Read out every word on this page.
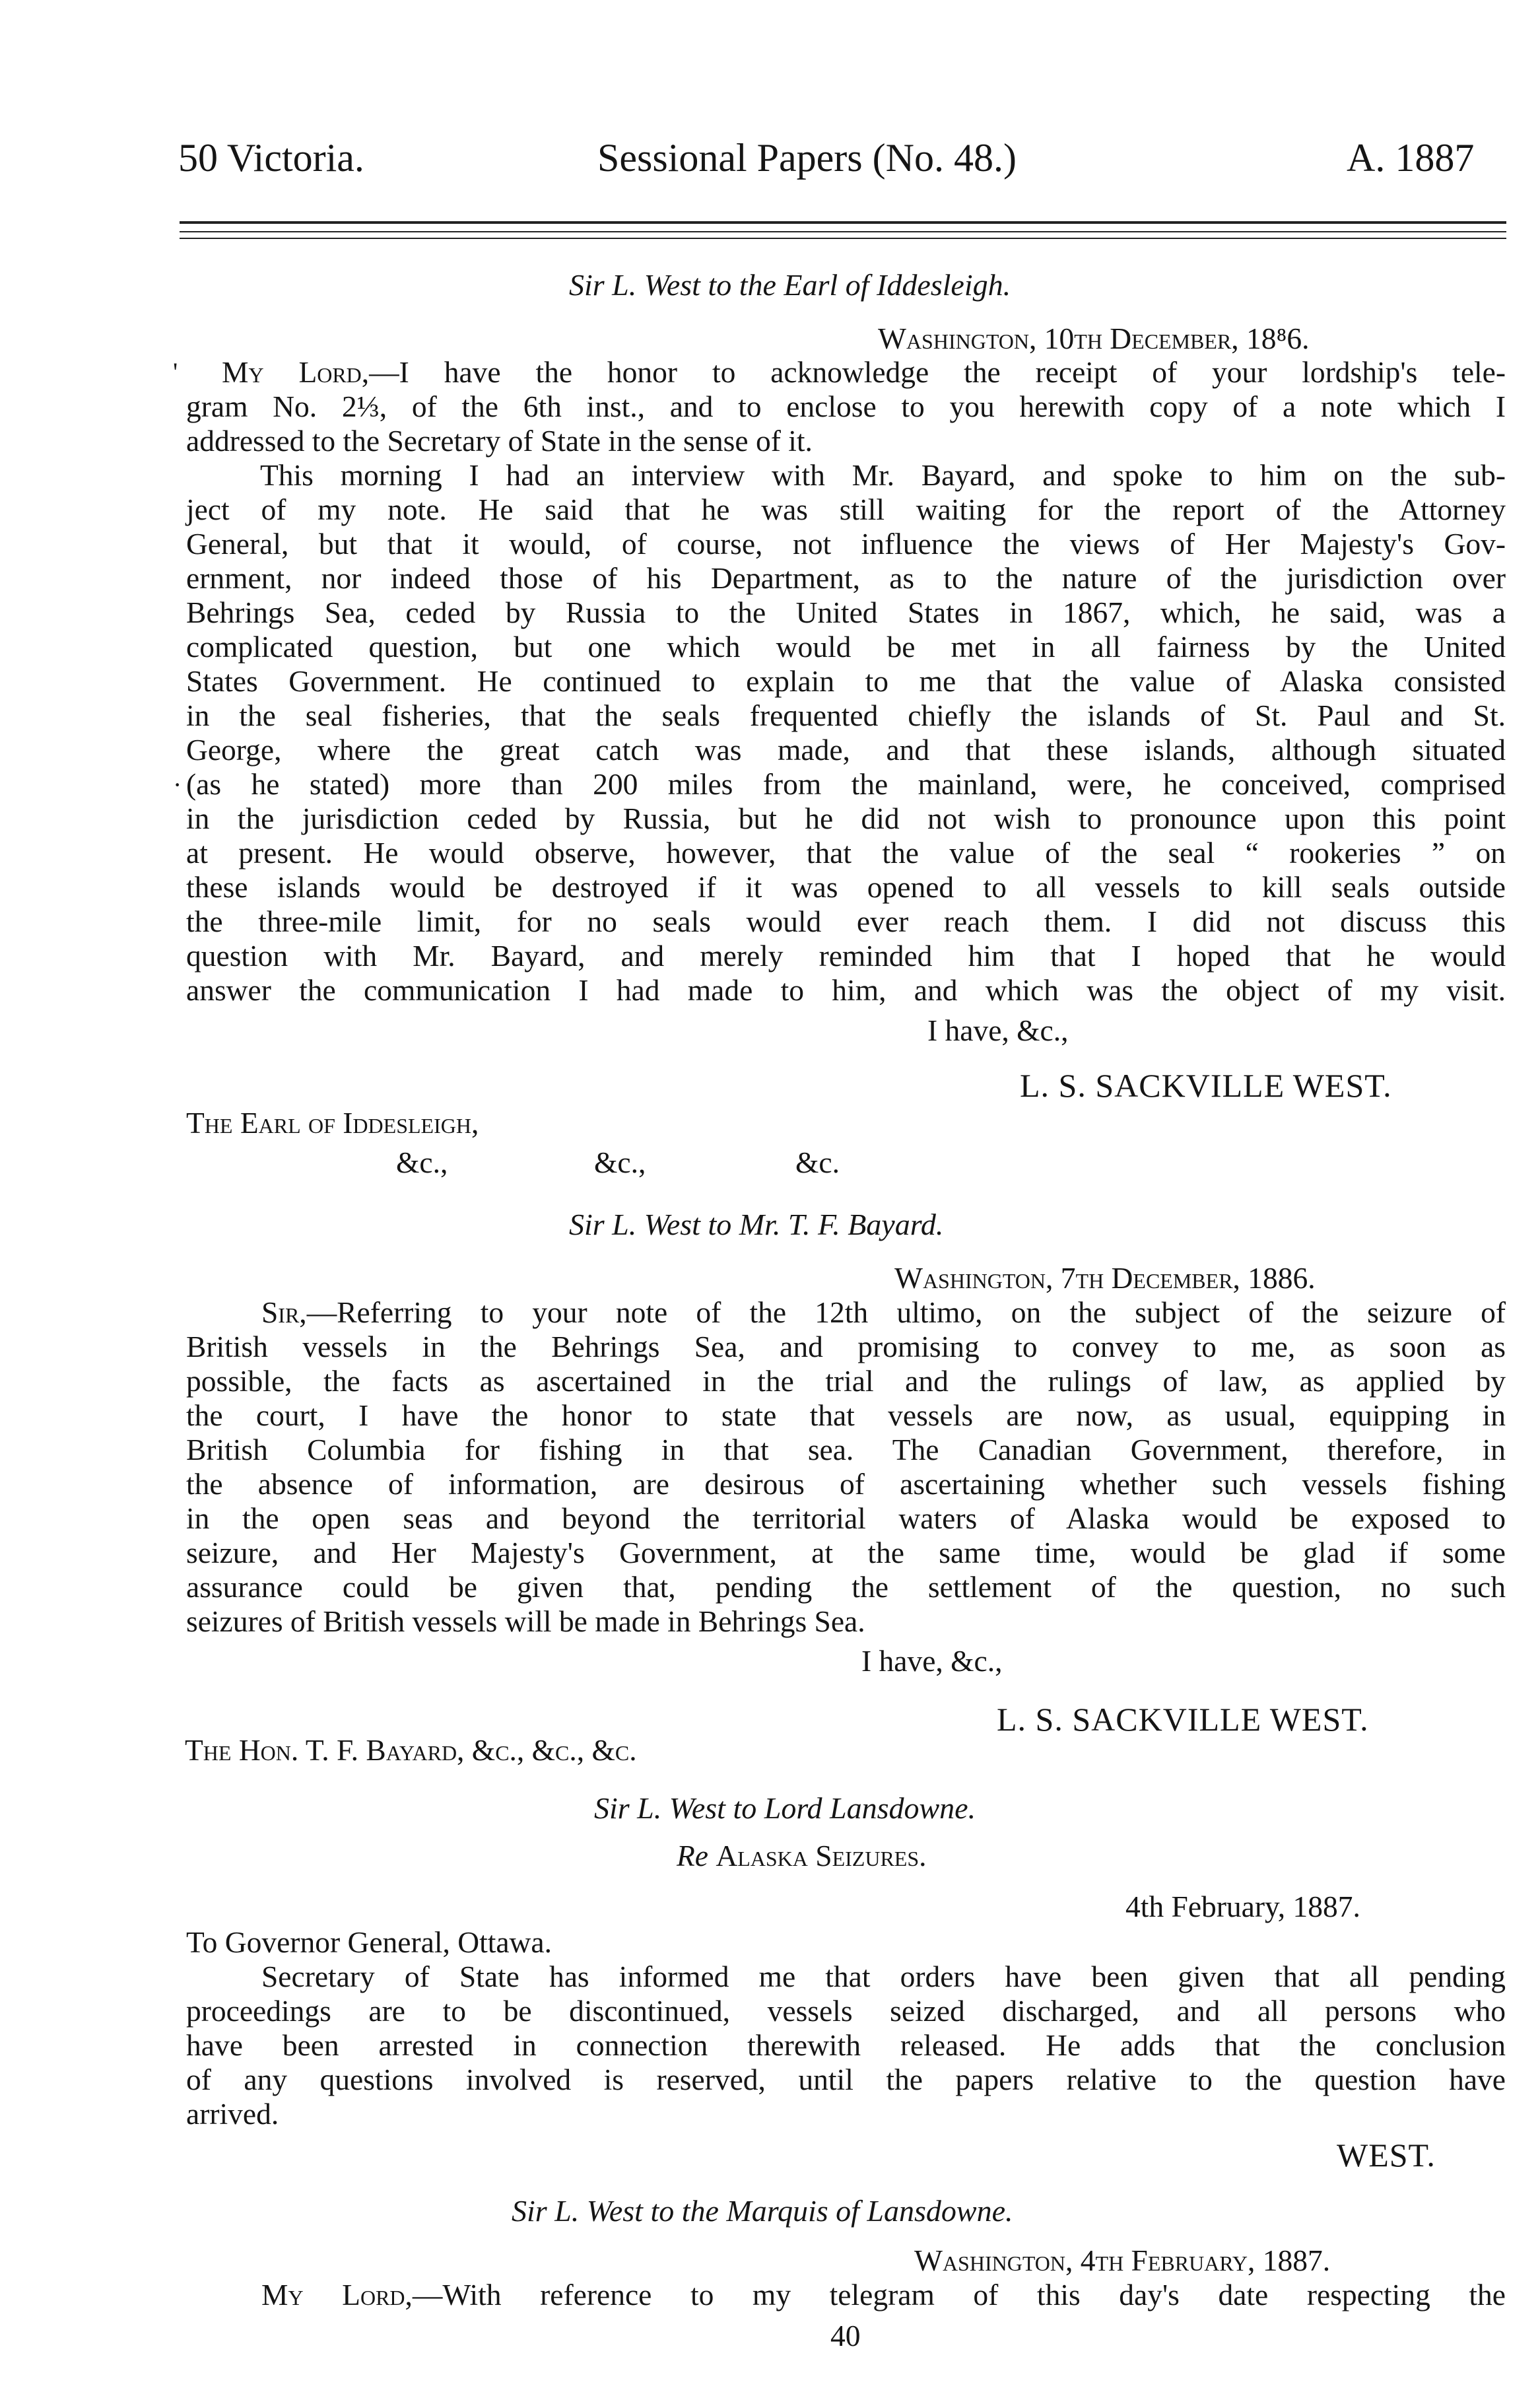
50 Victoria.	Sessional Papers (No. 48.)	A. 1887
Sir L. West to the Earl of Iddesleigh.
Washington, 10th December, 18⁸6.
' My Lord,—I have the honor to acknowledge the receipt of your lordship's tele-
gram No. 2⅓, of the 6th inst., and to enclose to you herewith copy of a note which I
addressed to the Secretary of State in the sense of it.
This morning I had an interview with Mr. Bayard, and spoke to him on the sub-
ject of my note. He said that he was still waiting for the report of the Attorney
General, but that it would, of course, not influence the views of Her Majesty's Gov-
ernment, nor indeed those of his Department, as to the nature of the jurisdiction over
Behrings Sea, ceded by Russia to the United States in 1867, which, he said, was a
complicated question, but one which would be met in all fairness by the United
States Government. He continued to explain to me that the value of Alaska consisted
in the seal fisheries, that the seals frequented chiefly the islands of St. Paul and St.
George, where the great catch was made, and that these islands, although situated
· (as he stated) more than 200 miles from the mainland, were, he conceived, comprised
in the jurisdiction ceded by Russia, but he did not wish to pronounce upon this point
at present. He would observe, however, that the value of the seal “ rookeries ” on
these islands would be destroyed if it was opened to all vessels to kill seals outside
the three-mile limit, for no seals would ever reach them. I did not discuss this
question with Mr. Bayard, and merely reminded him that I hoped that he would
answer the communication I had made to him, and which was the object of my visit.
I have, &c.,
L. S. SACKVILLE WEST.
The Earl of Iddesleigh,
&c.,	&c.,	&c.
Sir L. West to Mr. T. F. Bayard.
Washington, 7th December, 1886.
Sir,—Referring to your note of the 12th ultimo, on the subject of the seizure of
British vessels in the Behrings Sea, and promising to convey to me, as soon as
possible, the facts as ascertained in the trial and the rulings of law, as applied by
the court, I have the honor to state that vessels are now, as usual, equipping in
British Columbia for fishing in that sea. The Canadian Government, therefore, in
the absence of information, are desirous of ascertaining whether such vessels fishing
in the open seas and beyond the territorial waters of Alaska would be exposed to
seizure, and Her Majesty's Government, at the same time, would be glad if some
assurance could be given that, pending the settlement of the question, no such
seizures of British vessels will be made in Behrings Sea.
I have, &c.,
L. S. SACKVILLE WEST.
The Hon. T. F. Bayard, &c., &c., &c.
Sir L. West to Lord Lansdowne.
Re Alaska Seizures.
4th February, 1887.
To Governor General, Ottawa.
Secretary of State has informed me that orders have been given that all pending
proceedings are to be discontinued, vessels seized discharged, and all persons who
have been arrested in connection therewith released. He adds that the conclusion
of any questions involved is reserved, until the papers relative to the question have
arrived.
WEST.
Sir L. West to the Marquis of Lansdowne.
Washington, 4th February, 1887.
My Lord,—With reference to my telegram of this day's date respecting the
40
